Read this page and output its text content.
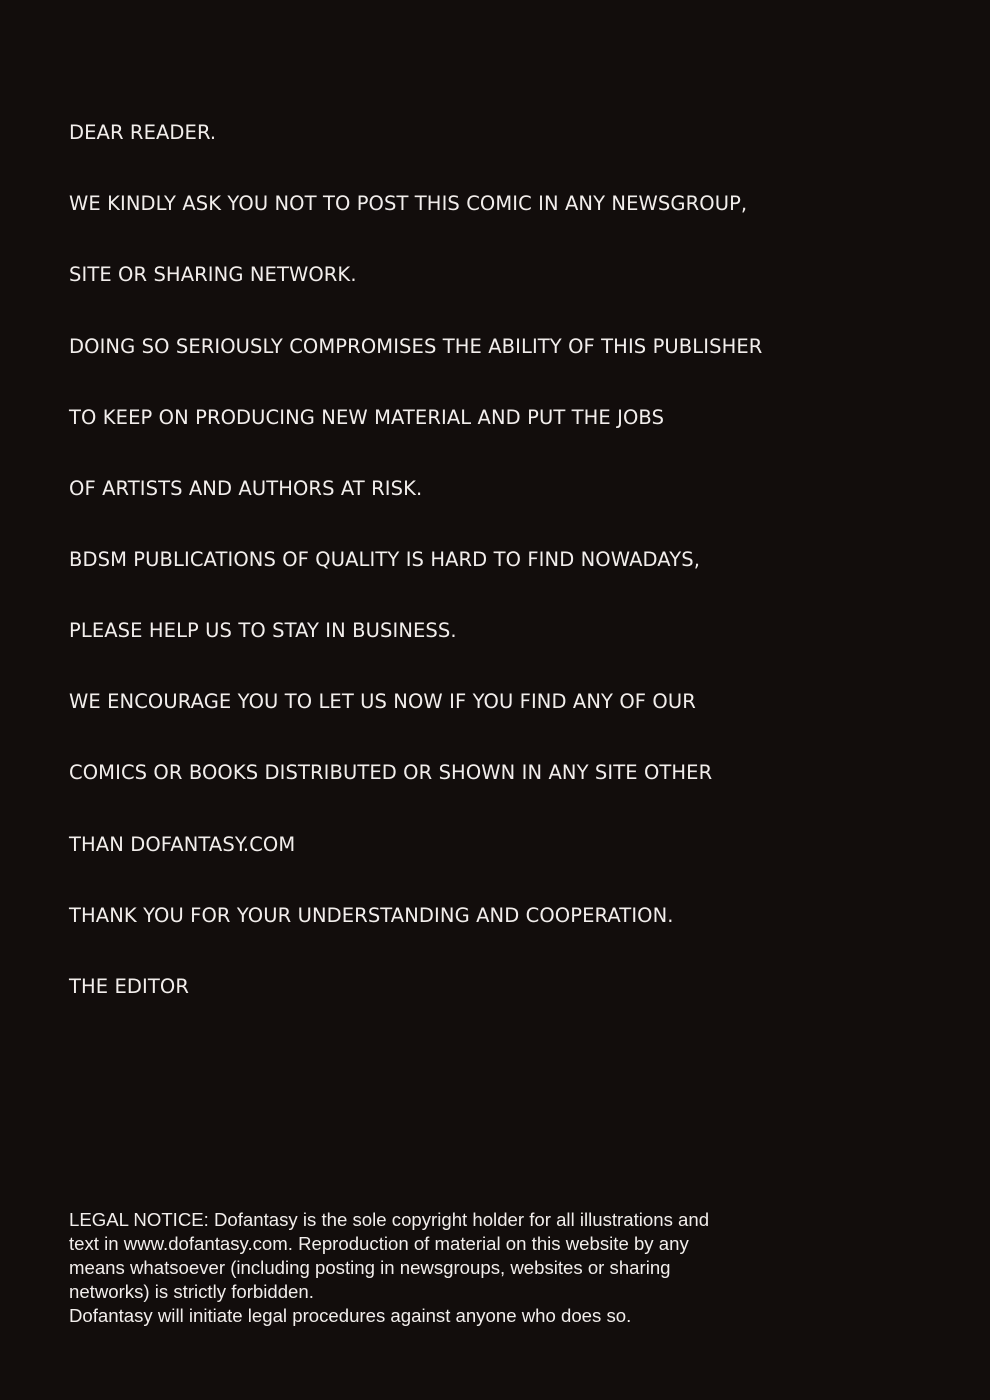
DEAR READER.

WE KINDLY ASK YOU NOT TO POST THIS COMIC IN ANY NEWSGROUP,

SITE OR SHARING NETWORK.

DOING SO SERIOUSLY COMPROMISES THE ABILITY OF THIS PUBLISHER

TO KEEP ON PRODUCING NEW MATERIAL AND PUT THE JOBS

OF ARTISTS AND AUTHORS AT RISK.

BDSM PUBLICATIONS OF QUALITY IS HARD TO FIND NOWADAYS,

PLEASE HELP US TO STAY IN BUSINESS.

WE ENCOURAGE YOU TO LET US NOW IF YOU FIND ANY OF OUR

COMICS OR BOOKS DISTRIBUTED OR SHOWN IN ANY SITE OTHER

THAN DOFANTASY.COM

THANK YOU FOR YOUR UNDERSTANDING AND COOPERATION.

THE EDITOR

LEGAL NOTICE: Dofantasy is the sole copyright holder for all illustrations and
text in www.dofantasy.com. Reproduction of material on this website by any
means whatsoever (including posting in newsgroups, websites or sharing
networks) is strictly forbidden.
Dofantasy will initiate legal procedures against anyone who does so.
